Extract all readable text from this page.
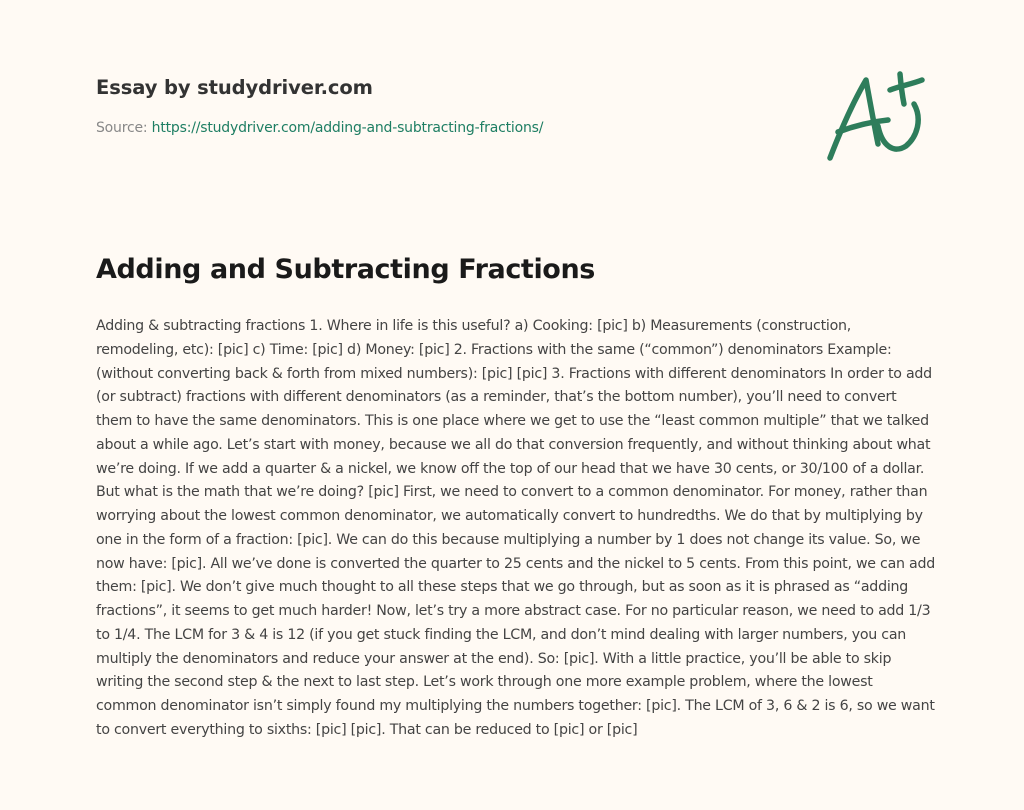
Essay by studydriver.com
Source: https://studydriver.com/adding-and-subtracting-fractions/
Adding and Subtracting Fractions

Adding & subtracting fractions 1. Where in life is this useful? a) Cooking: [pic] b) Measurements (construction, remodeling, etc): [pic] c) Time: [pic] d) Money: [pic] 2. Fractions with the same (“common”) denominators Example: (without converting back & forth from mixed numbers): [pic] [pic] 3. Fractions with different denominators In order to add (or subtract) fractions with different denominators (as a reminder, that’s the bottom number), you’ll need to convert them to have the same denominators. This is one place where we get to use the “least common multiple” that we talked about a while ago. Let’s start with money, because we all do that conversion frequently, and without thinking about what we’re doing. If we add a quarter & a nickel, we know off the top of our head that we have 30 cents, or 30/100 of a dollar. But what is the math that we’re doing? [pic] First, we need to convert to a common denominator. For money, rather than worrying about the lowest common denominator, we automatically convert to hundredths. We do that by multiplying by one in the form of a fraction: [pic]. We can do this because multiplying a number by 1 does not change its value. So, we now have: [pic]. All we’ve done is converted the quarter to 25 cents and the nickel to 5 cents. From this point, we can add them: [pic]. We don’t give much thought to all these steps that we go through, but as soon as it is phrased as “adding fractions”, it seems to get much harder! Now, let’s try a more abstract case. For no particular reason, we need to add 1/3 to 1/4. The LCM for 3 & 4 is 12 (if you get stuck finding the LCM, and don’t mind dealing with larger numbers, you can multiply the denominators and reduce your answer at the end). So: [pic]. With a little practice, you’ll be able to skip writing the second step & the next to last step. Let’s work through one more example problem, where the lowest common denominator isn’t simply found my multiplying the numbers together: [pic]. The LCM of 3, 6 & 2 is 6, so we want to convert everything to sixths: [pic] [pic]. That can be reduced to [pic] or [pic]
